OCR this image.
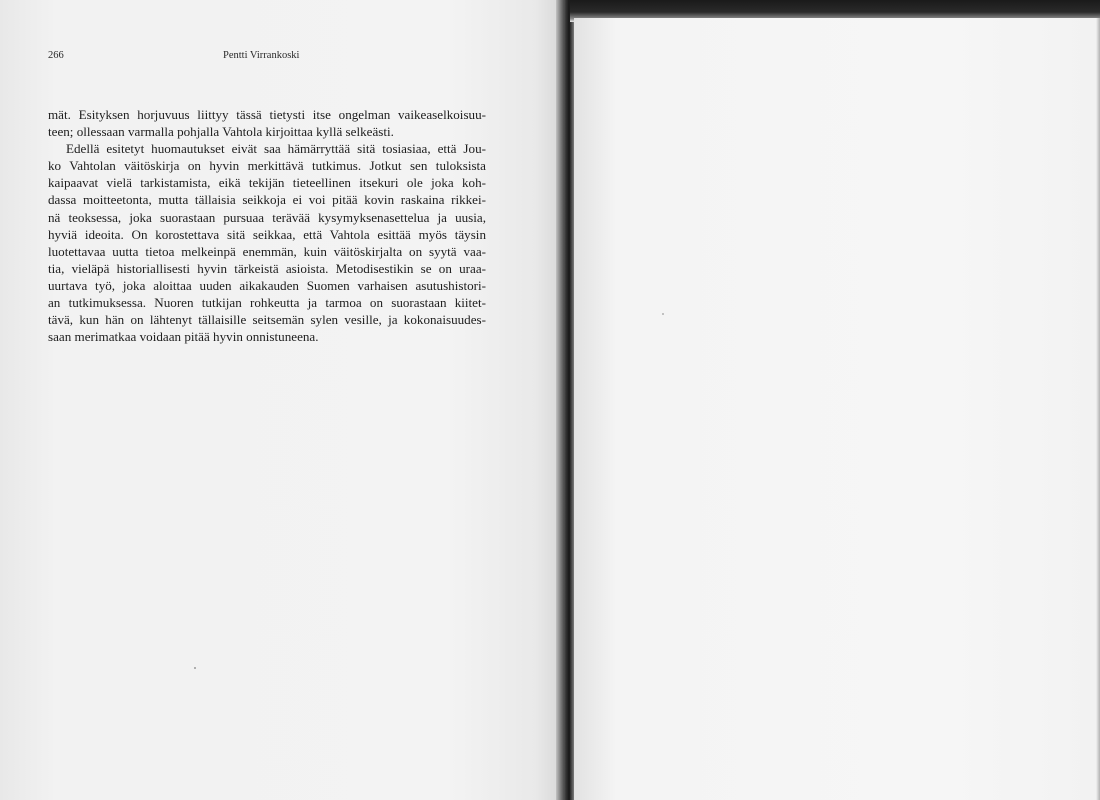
266	Pentti Virrankoski
mät. Esityksen horjuvuus liittyy tässä tietysti itse ongelman vaikeaselkoisuu-
teen; ollessaan varmalla pohjalla Vahtola kirjoittaa kyllä selkeästi.
Edellä esitetyt huomautukset eivät saa hämärryttää sitä tosiasiaa, että Jou-
ko Vahtolan väitöskirja on hyvin merkittävä tutkimus. Jotkut sen tuloksista
kaipaavat vielä tarkistamista, eikä tekijän tieteellinen itsekuri ole joka koh-
dassa moitteetonta, mutta tällaisia seikkoja ei voi pitää kovin raskaina rikkei-
nä teoksessa, joka suorastaan pursuaa terävää kysymyksenasettelua ja uusia,
hyviä ideoita. On korostettava sitä seikkaa, että Vahtola esittää myös täysin
luotettavaa uutta tietoa melkeinpä enemmän, kuin väitöskirjalta on syytä vaa-
tia, vieläpä historiallisesti hyvin tärkeistä asioista. Metodisestikin se on uraa-
uurtava työ, joka aloittaa uuden aikakauden Suomen varhaisen asutushistori-
an tutkimuksessa. Nuoren tutkijan rohkeutta ja tarmoa on suorastaan kiitet-
tävä, kun hän on lähtenyt tällaisille seitsemän sylen vesille, ja kokonaisuudes-
saan merimatkaa voidaan pitää hyvin onnistuneena.
